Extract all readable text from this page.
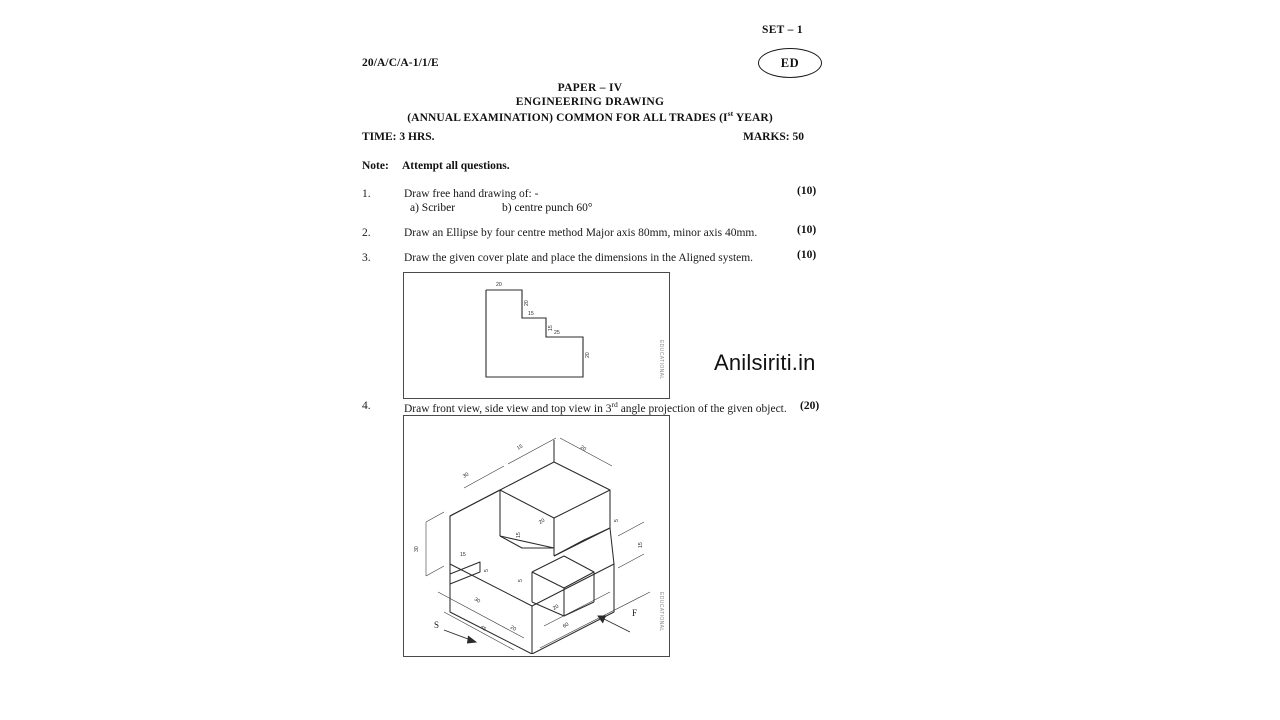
SET – 1
ED
20/A/C/A-1/1/E
PAPER – IV
ENGINEERING DRAWING
(ANNUAL EXAMINATION) COMMON FOR ALL TRADES (Ist YEAR)
TIME: 3 HRS.	MARKS: 50
Note: Attempt all questions.
1.	Draw free hand drawing of: -
a) Scriber	b) centre punch 60°
(10)
2.	Draw an Ellipse by four centre method Major axis 80mm, minor axis 40mm.	(10)
3.	Draw the given cover plate and place the dimensions in the Aligned system.	(10)
20
20
15
15
25
20	EDUCATIONAL
4.	Draw front view, side view and top view in 3rd angle projection of the given object. (20)
30
30
15	20
15
5
30
45
20
15
5
5
15
20
20	60
S
F	EDUCATIONAL
Anilsiriti.in
